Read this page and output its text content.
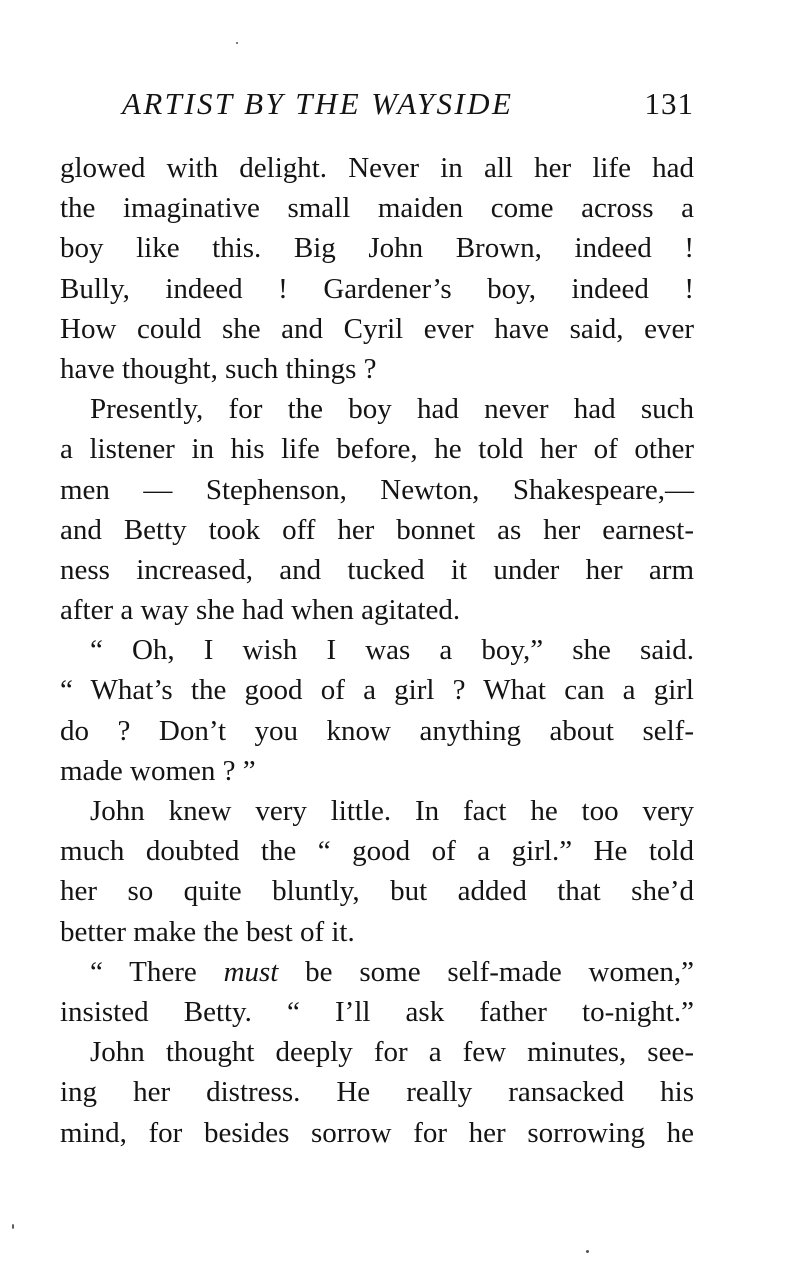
ARTIST BY THE WAYSIDE	131
glowed with delight. Never in all her life had
the imaginative small maiden come across a
boy like this. Big John Brown, indeed !
Bully, indeed ! Gardener’s boy, indeed !
How could she and Cyril ever have said, ever
have thought, such things ?
Presently, for the boy had never had such
a listener in his life before, he told her of other
men — Stephenson, Newton, Shakespeare,—
and Betty took off her bonnet as her earnest-
ness increased, and tucked it under her arm
after a way she had when agitated.
“ Oh, I wish I was a boy,” she said.
“ What’s the good of a girl ? What can a girl
do ? Don’t you know anything about self-
made women ? ”
John knew very little. In fact he too very
much doubted the “ good of a girl.” He told
her so quite bluntly, but added that she’d
better make the best of it.
“ There must be some self-made women,”
insisted Betty. “ I’ll ask father to-night.”
John thought deeply for a few minutes, see-
ing her distress. He really ransacked his
mind, for besides sorrow for her sorrowing he
